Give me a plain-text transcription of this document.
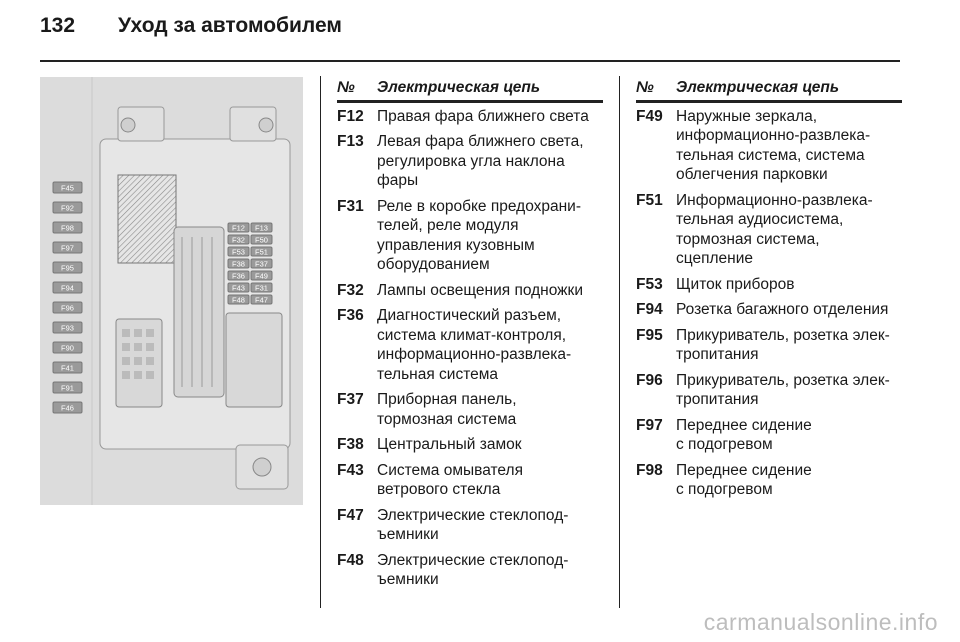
132 Уход за автомобилем
F45
F92
F98
F97
F95
F94
F96
F93
F90
F41
F91
F46
F12 F13
F32 F50
F53 F51
F38 F37
F36 F49
F43 F31
F48 F47
№	Электрическая цепь
F12 Правая фара ближнего света
F13 Левая фара ближнего света,
регулировка угла наклона
фары
F31 Реле в коробке предохрани-
телей, реле модуля
управления кузовным
оборудованием
F32 Лампы освещения подножки
F36 Диагностический разъем,
система климат-контроля,
информационно-развлека-
тельная система
F37 Приборная панель,
тормозная система
F38 Центральный замок
F43 Система омывателя
ветрового стекла
F47 Электрические стеклопод-
ъемники
F48 Электрические стеклопод-
ъемники
№	Электрическая цепь
F49 Наружные зеркала,
информационно-развлека-
тельная система, система
облегчения парковки
F51 Информационно-развлека-
тельная аудиосистема,
тормозная система,
сцепление
F53 Щиток приборов
F94 Розетка багажного отделения
F95 Прикуриватель, розетка элек-
тропитания
F96 Прикуриватель, розетка элек-
тропитания
F97 Переднее сидение
с подогревом
F98 Переднее сидение
с подогревом
carmanualsonline.info
